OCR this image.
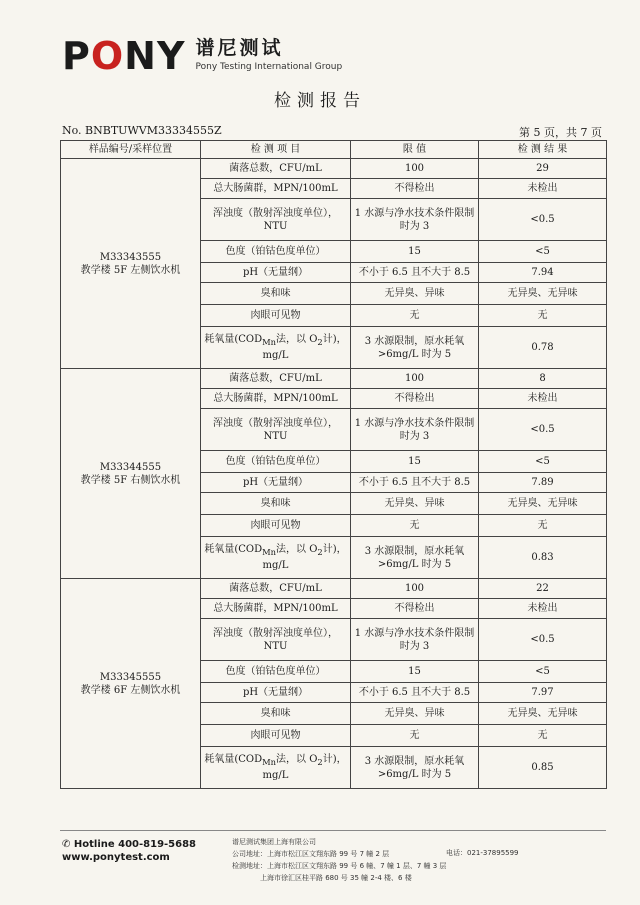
PONY 谱尼测试
Pony Testing International Group
检测报告
No. BNBTUWVM33334555Z	第 5 页，共 7 页
样品编号/采样位置	检 测 项 目	限 值	检 测 结 果

M33343555
教学楼 5F 左侧饮水机	菌落总数，CFU/mL	100	29
	总大肠菌群，MPN/100mL	不得检出	未检出
	浑浊度（散射浑浊度单位），NTU	1 水源与净水技术条件限制时为 3	<0.5
	色度（铂钴色度单位）	15	<5
	pH（无量纲）	不小于 6.5 且不大于 8.5	7.94
	臭和味	无异臭、异味	无异臭、无异味
	肉眼可见物	无	无
	耗氧量($COD_{Mn}$法，以 $O_2$计)，
mg/L	3 水源限制，原水耗氧 >6mg/L 时为 5	0.78

M33344555
教学楼 5F 右侧饮水机	菌落总数，CFU/mL	100	8
	总大肠菌群，MPN/100mL	不得检出	未检出
	浑浊度（散射浑浊度单位），NTU	1 水源与净水技术条件限制时为 3	<0.5
	色度（铂钴色度单位）	15	<5
	pH（无量纲）	不小于 6.5 且不大于 8.5	7.89
	臭和味	无异臭、异味	无异臭、无异味
	肉眼可见物	无	无
	耗氧量($COD_{Mn}$法，以 $O_2$计)，
mg/L	3 水源限制，原水耗氧 >6mg/L 时为 5	0.83

M33345555
教学楼 6F 左侧饮水机	菌落总数，CFU/mL	100	22
	总大肠菌群，MPN/100mL	不得检出	未检出
	浑浊度（散射浑浊度单位），NTU	1 水源与净水技术条件限制时为 3	<0.5
	色度（铂钴色度单位）	15	<5
	pH（无量纲）	不小于 6.5 且不大于 8.5	7.97
	臭和味	无异臭、异味	无异臭、无异味
	肉眼可见物	无	无
	耗氧量($COD_{Mn}$法，以 $O_2$计)，
mg/L	3 水源限制，原水耗氧 >6mg/L 时为 5	0.85
✆ Hotline 400-819-5688
www.ponytest.com
谱尼测试集团上海有限公司
公司地址：上海市松江区文翔东路 99 号 7 幢 2 层
检测地址：上海市松江区文翔东路 99 号 6 幢、7 幢 1 层、7 幢 3 层
上海市徐汇区桂平路 680 号 35 幢 2-4 楼、6 楼
电话：021-37895599
